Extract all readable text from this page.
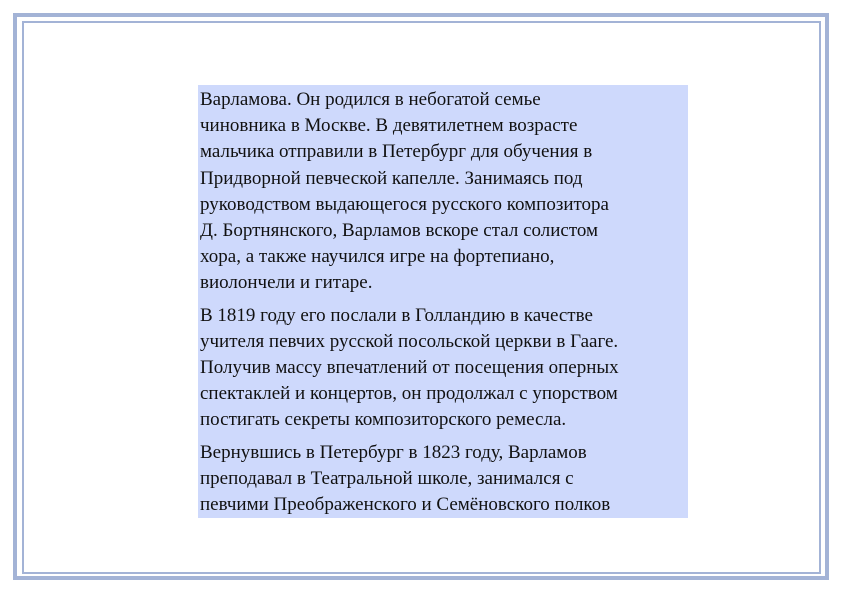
Варламова. Он родился в небогатой семье
чиновника в Москве. В девятилетнем возрасте
мальчика отправили в Петербург для обучения в
Придворной певческой капелле. Занимаясь под
руководством выдающегося русского композитора
Д. Бортнянского, Варламов вскоре стал солистом
хора, а также научился игре на фортепиано,
виолончели и гитаре.

В 1819 году его послали в Голландию в качестве
учителя певчих русской посольской церкви в Гааге.
Получив массу впечатлений от посещения оперных
спектаклей и концертов, он продолжал с упорством
постигать секреты композиторского ремесла.

Вернувшись в Петербург в 1823 году, Варламов
преподавал в Театральной школе, занимался с
певчими Преображенского и Семёновского полков
